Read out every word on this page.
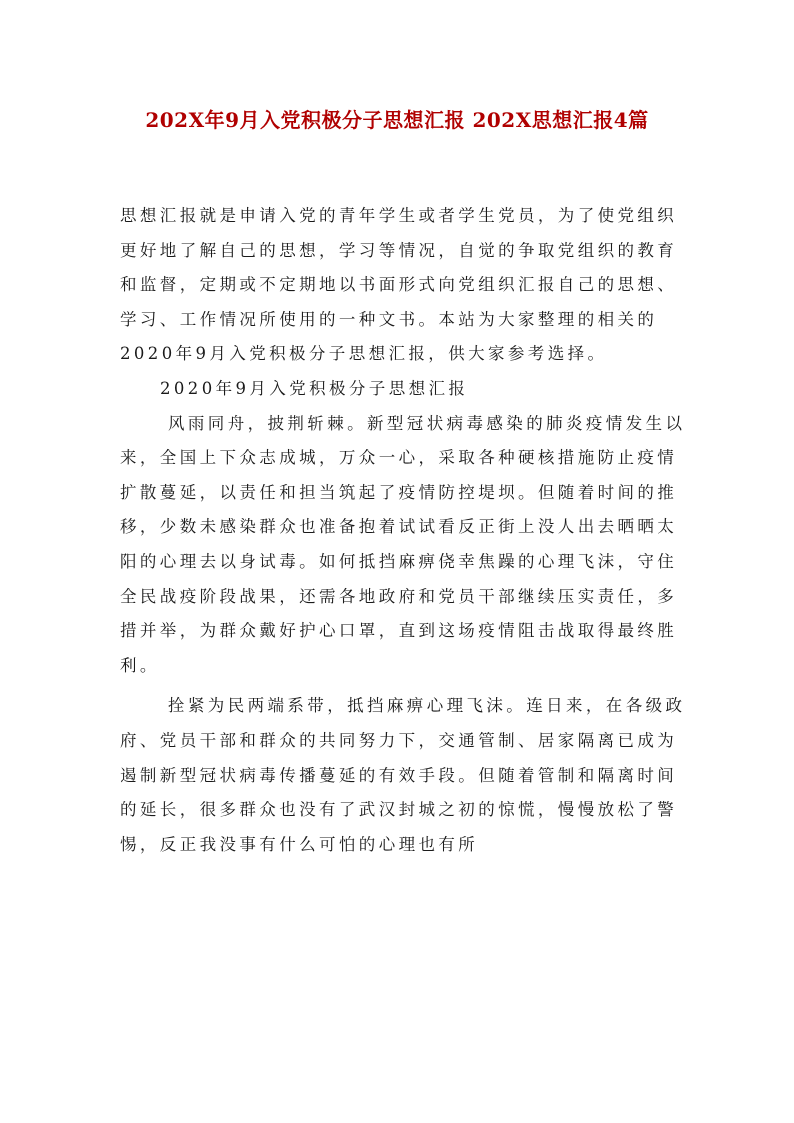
202X年9月入党积极分子思想汇报 202X思想汇报4篇

思想汇报就是申请入党的青年学生或者学生党员，为了使党组织更好地了解自己的思想，学习等情况，自觉的争取党组织的教育和监督，定期或不定期地以书面形式向党组织汇报自己的思想、学习、工作情况所使用的一种文书。本站为大家整理的相关的2020年9月入党积极分子思想汇报，供大家参考选择。

2020年9月入党积极分子思想汇报

风雨同舟，披荆斩棘。新型冠状病毒感染的肺炎疫情发生以来，全国上下众志成城，万众一心，采取各种硬核措施防止疫情扩散蔓延，以责任和担当筑起了疫情防控堤坝。但随着时间的推移，少数未感染群众也准备抱着试试看反正街上没人出去晒晒太阳的心理去以身试毒。如何抵挡麻痹侥幸焦躁的心理飞沫，守住全民战疫阶段战果，还需各地政府和党员干部继续压实责任，多措并举，为群众戴好护心口罩，直到这场疫情阻击战取得最终胜利。

拴紧为民两端系带，抵挡麻痹心理飞沫。连日来，在各级政府、党员干部和群众的共同努力下，交通管制、居家隔离已成为遏制新型冠状病毒传播蔓延的有效手段。但随着管制和隔离时间的延长，很多群众也没有了武汉封城之初的惊慌，慢慢放松了警惕，反正我没事有什么可怕的心理也有所
